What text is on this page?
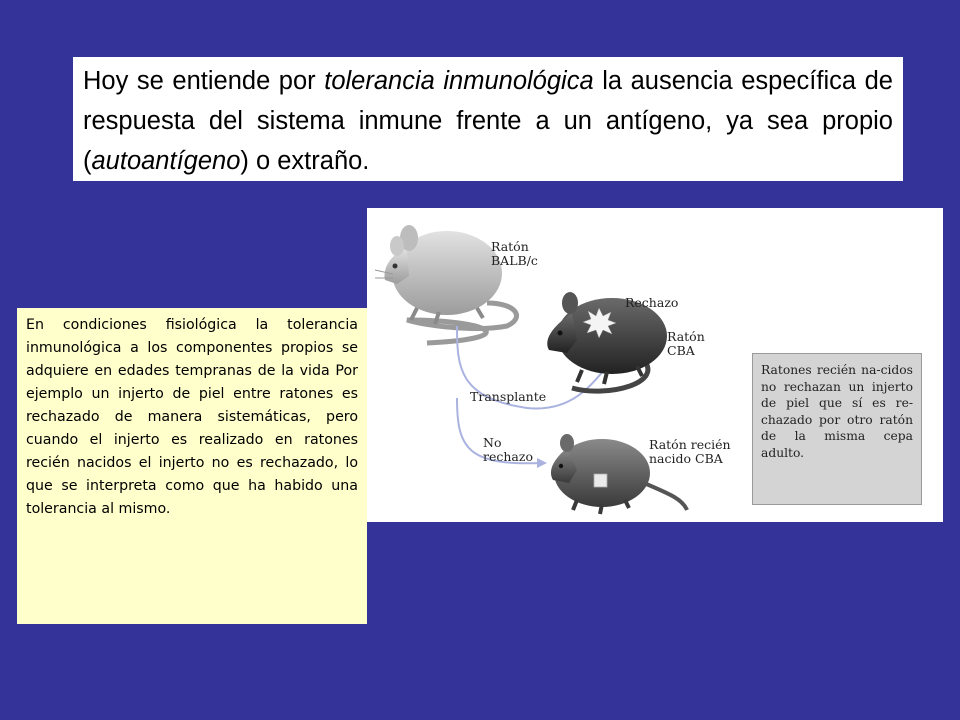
Hoy se entiende por tolerancia inmunológica la ausencia específica de respuesta del sistema inmune frente a un antígeno, ya sea propio (autoantígeno) o extraño.
Ratón
BALB/c
Rechazo
Ratón
CBA
Transplante
No
rechazo
Ratón recién
nacido CBA
Ratones recién na-cidos no rechazan un injerto de piel que sí es re-chazado por otro ratón de la misma cepa adulto.
En condiciones fisiológica la tolerancia inmunológica a los componentes propios se adquiere en edades tempranas de la vida Por ejemplo un injerto de piel entre ratones es rechazado de manera sistemáticas, pero cuando el injerto es realizado en ratones recién nacidos el injerto no es rechazado, lo que se interpreta como que ha habido una tolerancia al mismo.
